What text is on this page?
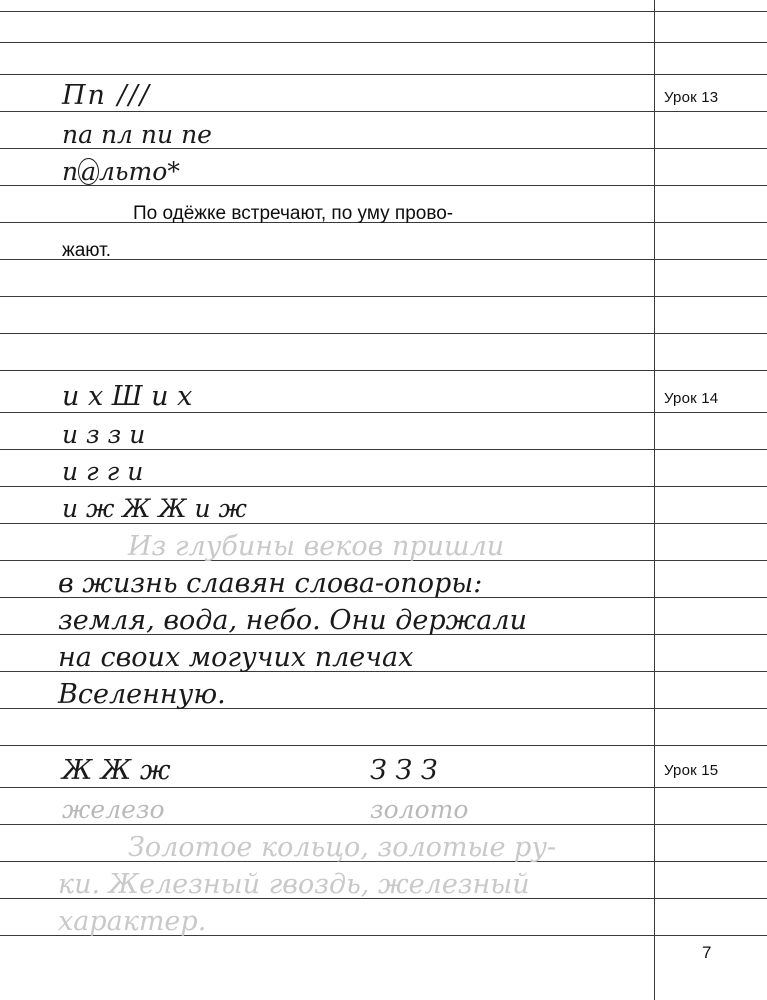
Урок 13
Урок 14
Урок 15
Пп ///
па пл пи пе
п а льто*
По одёжке встречают, по уму прово-
жают.
и х Ш и х
и з з и
и г г и
и ж Ж Ж и ж
Из глубины веков пришли
в жизнь славян слова-опоры:
земля, вода, небо. Они держали
на своих могучих плечах
Вселенную.
Ж Ж ж	З З З
железо	золото
Золотое кольцо, золотые ру-
ки. Железный гвоздь, железный
характер.
7
